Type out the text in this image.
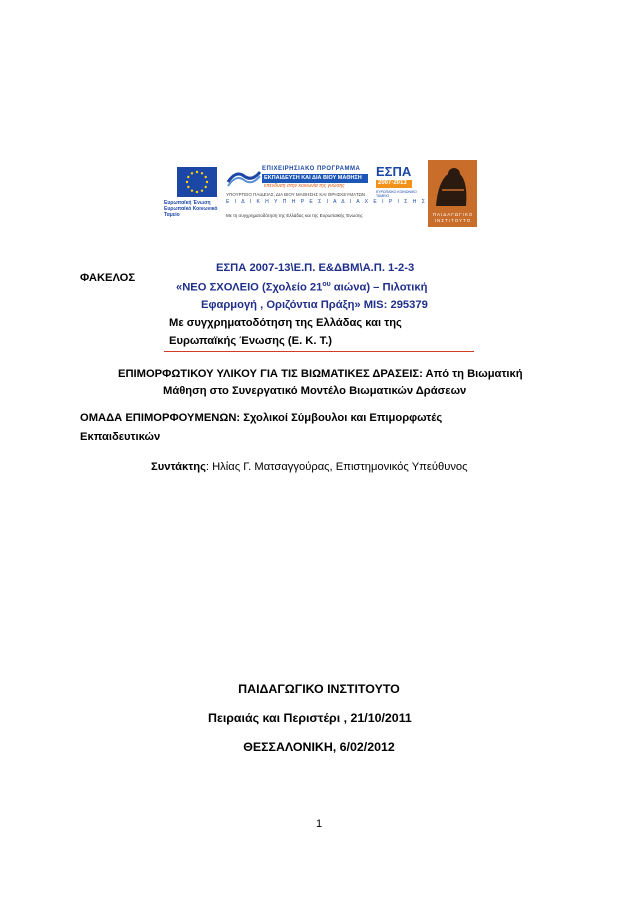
Ευρωπαϊκή Ένωση Ευρωπαϊκό Κοινωνικό Ταμείο
ΕΠΙΧΕΙΡΗΣΙΑΚΟ ΠΡΟΓΡΑΜΜΑ
ΕΚΠΑΙΔΕΥΣΗ ΚΑΙ ΔΙΑ ΒΙΟΥ ΜΑΘΗΣΗ
επένδυση στην κοινωνία της γνώσης
ΥΠΟΥΡΓΕΙΟ ΠΑΙΔΕΙΑΣ, ΔΙΑ ΒΙΟΥ ΜΑΘΗΣΗΣ ΚΑΙ ΘΡΗΣΚΕΥΜΑΤΩΝ
Ε Ι Δ Ι Κ Η Υ Π Η Ρ Ε Σ Ι Α Δ Ι Α Χ Ε Ι Ρ Ι Σ Η Σ
Με τη συγχρηματοδότηση της Ελλάδας και της Ευρωπαϊκής Ένωσης
ΕΣΠΑ
2007-2013
ΕΥΡΩΠΑΪΚΟ ΚΟΙΝΩΝΙΚΟ ΤΑΜΕΙΟ
ΠΑΙΔΑΓΩΓΙΚΟ ΙΝΣΤΙΤΟΥΤΟ
ΦΑΚΕΛΟΣ
ΕΣΠΑ 2007-13\Ε.Π. Ε&ΔΒΜ\Α.Π. 1-2-3
«ΝΕΟ ΣΧΟΛΕΙΟ (Σχολείο $21^{o\upsilon}$ αιώνα) – Πιλοτική
Εφαρμογή , Οριζόντια Πράξη» MIS: 295379
Με συγχρηματοδότηση της Ελλάδας και της
Ευρωπαϊκής Ένωσης (Ε. Κ. Τ.)
ΕΠΙΜΟΡΦΩΤΙΚΟΥ ΥΛΙΚΟΥ ΓΙΑ ΤΙΣ ΒΙΩΜΑΤΙΚΕΣ ΔΡΑΣΕΙΣ: Από τη Βιωματική
Μάθηση στο Συνεργατικό Μοντέλο Βιωματικών Δράσεων
ΟΜΑΔΑ ΕΠΙΜΟΡΦΟΥΜΕΝΩΝ: Σχολικοί Σύμβουλοι και Επιμορφωτές
Εκπαιδευτικών
Συντάκτης: Ηλίας Γ. Ματσαγγούρας, Επιστημονικός Υπεύθυνος
ΠΑΙΔΑΓΩΓΙΚΟ ΙΝΣΤΙΤΟΥΤΟ
Πειραιάς και Περιστέρι , 21/10/2011
ΘΕΣΣΑΛΟΝΙΚΗ, 6/02/2012
1
